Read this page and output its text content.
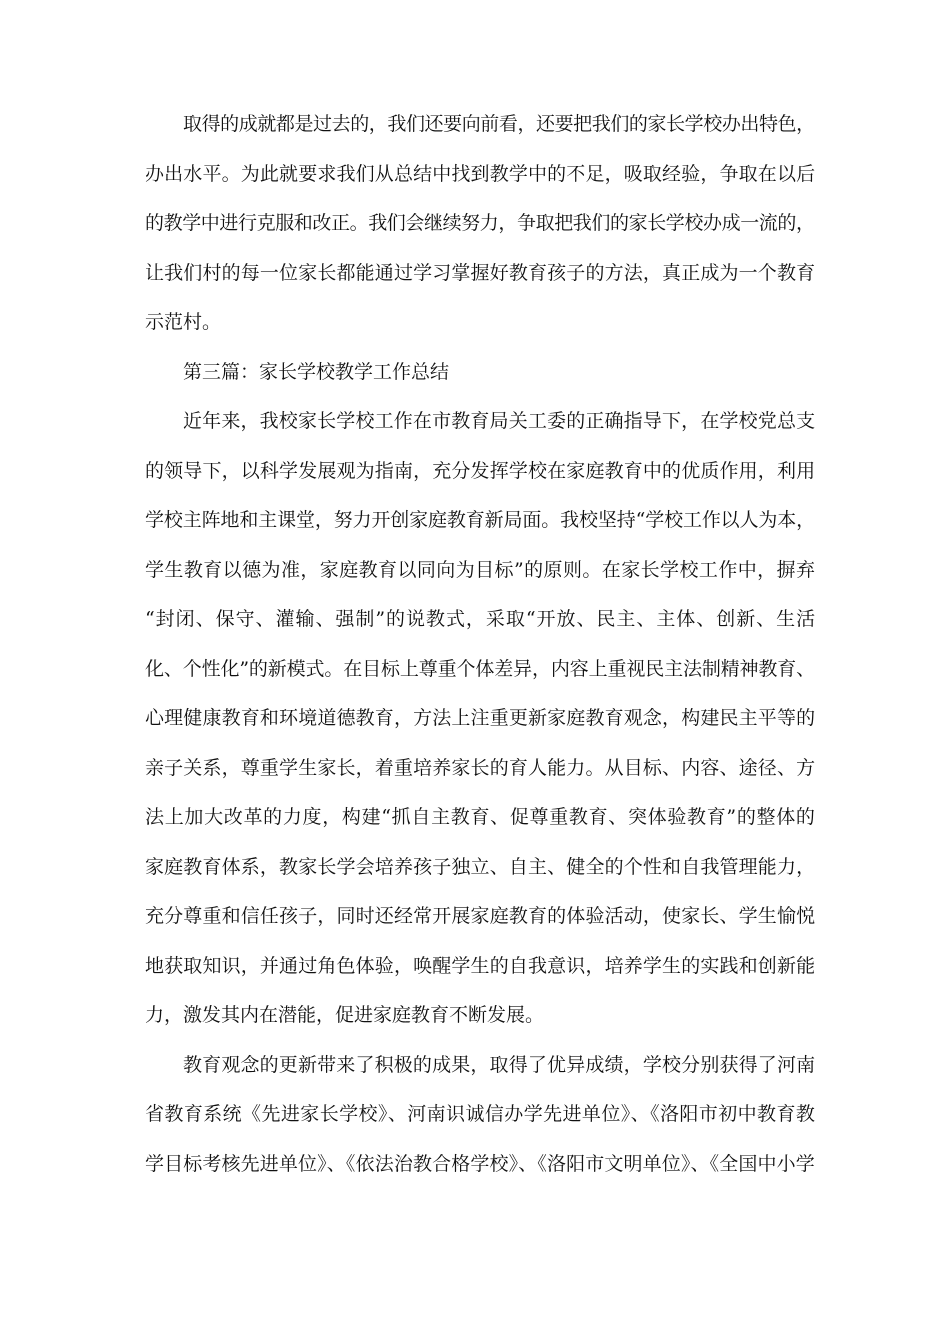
取得的成就都是过去的，我们还要向前看，还要把我们的家长学校办出特色，
办出水平。为此就要求我们从总结中找到教学中的不足，吸取经验，争取在以后
的教学中进行克服和改正。我们会继续努力，争取把我们的家长学校办成一流的，
让我们村的每一位家长都能通过学习掌握好教育孩子的方法，真正成为一个教育
示范村。
第三篇：家长学校教学工作总结
近年来，我校家长学校工作在市教育局关工委的正确指导下，在学校党总支
的领导下，以科学发展观为指南，充分发挥学校在家庭教育中的优质作用，利用
学校主阵地和主课堂，努力开创家庭教育新局面。我校坚持“学校工作以人为本，
学生教育以德为准，家庭教育以同向为目标”的原则。在家长学校工作中，摒弃
“封闭、保守、灌输、强制”的说教式，采取“开放、民主、主体、创新、生活
化、个性化”的新模式。在目标上尊重个体差异，内容上重视民主法制精神教育、
心理健康教育和环境道德教育，方法上注重更新家庭教育观念，构建民主平等的
亲子关系，尊重学生家长，着重培养家长的育人能力。从目标、内容、途径、方
法上加大改革的力度，构建“抓自主教育、促尊重教育、突体验教育”的整体的
家庭教育体系，教家长学会培养孩子独立、自主、健全的个性和自我管理能力，
充分尊重和信任孩子，同时还经常开展家庭教育的体验活动，使家长、学生愉悦
地获取知识，并通过角色体验，唤醒学生的自我意识，培养学生的实践和创新能
力，激发其内在潜能，促进家庭教育不断发展。
教育观念的更新带来了积极的成果，取得了优异成绩，学校分别获得了河南
省教育系统《先进家长学校》、河南识诚信办学先进单位》、《洛阳市初中教育教
学目标考核先进单位》、《依法治教合格学校》、《洛阳市文明单位》、《全国中小学
